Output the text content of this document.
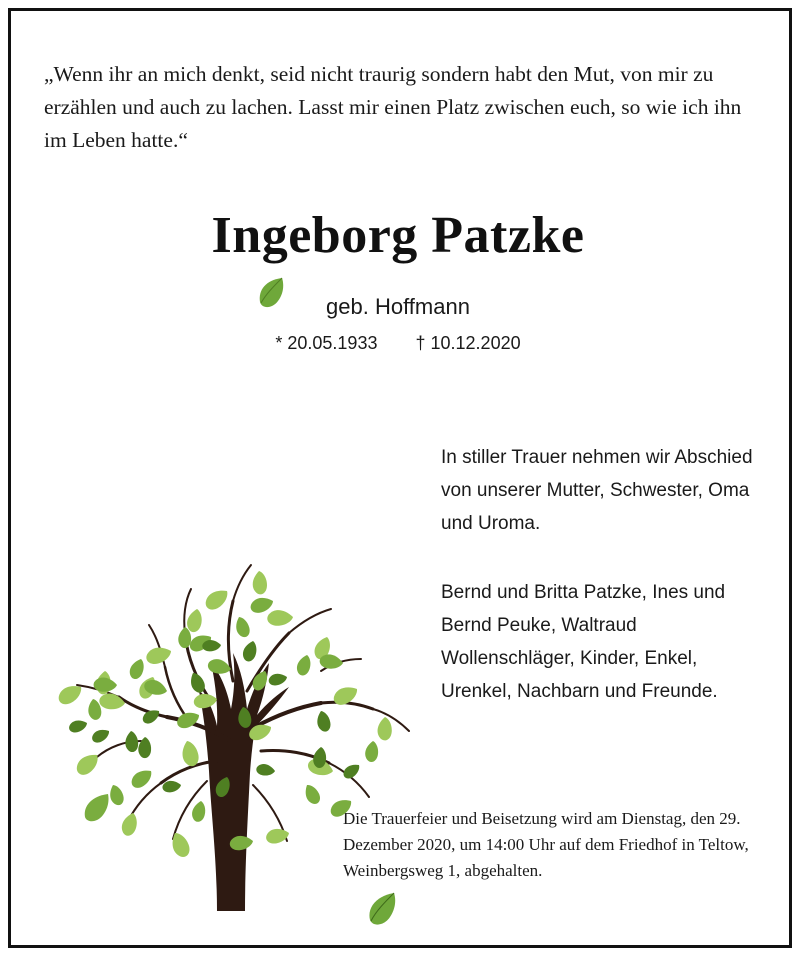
„Wenn ihr an mich denkt, seid nicht traurig sondern habt den Mut, von mir zu erzählen und auch zu lachen. Lasst mir einen Platz zwischen euch, so wie ich ihn im Leben hatte.“
Ingeborg Patzke
geb. Hoffmann
* 20.05.1933 † 10.12.2020
In stiller Trauer nehmen wir Abschied von unserer Mutter, Schwester, Oma und Uroma.
Bernd und Britta Patzke, Ines und Bernd Peuke, Waltraud Wollenschläger, Kinder, Enkel, Urenkel, Nachbarn und Freunde.
Die Trauerfeier und Beisetzung wird am Dienstag, den 29. Dezember 2020, um 14:00 Uhr auf dem Friedhof in Teltow, Weinbergsweg 1, abgehalten.
